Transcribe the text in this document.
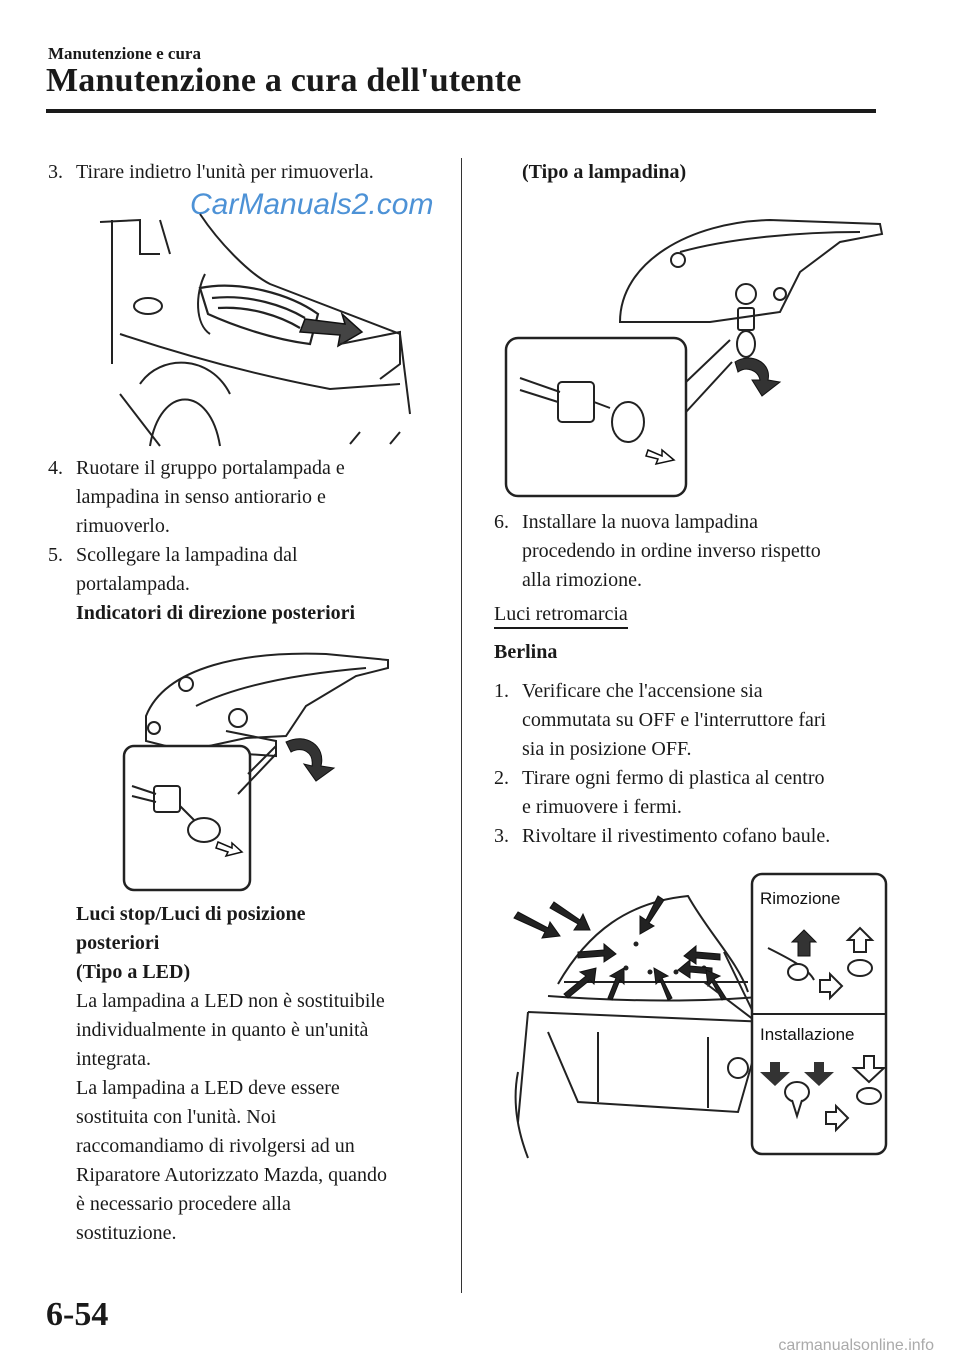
Manutenzione e cura
Manutenzione a cura dell'utente
CarManuals2.com
3. Tirare indietro l'unità per rimuoverla.
4. Ruotare il gruppo portalampada e
lampadina in senso antiorario e
rimuoverlo.
5. Scollegare la lampadina dal
portalampada.
Indicatori di direzione posteriori
Luci stop/Luci di posizione
posteriori
(Tipo a LED)
La lampadina a LED non è sostituibile
individualmente in quanto è un'unità
integrata.
La lampadina a LED deve essere
sostituita con l'unità. Noi
raccomandiamo di rivolgersi ad un
Riparatore Autorizzato Mazda, quando
è necessario procedere alla
sostituzione.
(Tipo a lampadina)
6. Installare la nuova lampadina
procedendo in ordine inverso rispetto
alla rimozione.
Luci retromarcia
Berlina
1. Verificare che l'accensione sia
commutata su OFF e l'interruttore fari
sia in posizione OFF.
2. Tirare ogni fermo di plastica al centro
e rimuovere i fermi.
3. Rivoltare il rivestimento cofano baule.
Rimozione
Installazione
6-54
carmanualsonline.info
